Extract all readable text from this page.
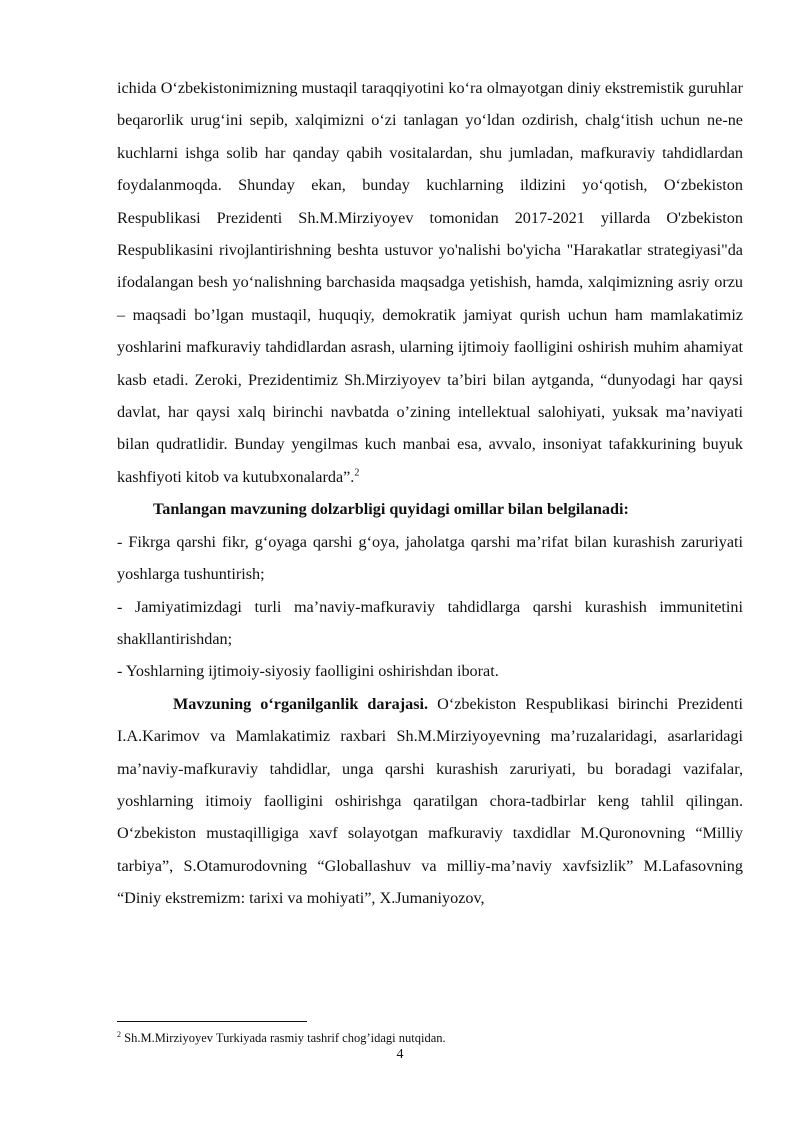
ichida O‘zbekistonimizning mustaqil taraqqiyotini ko‘ra olmayotgan diniy ekstremistik guruhlar beqarorlik urug‘ini sepib, xalqimizni o‘zi tanlagan yo‘ldan ozdirish, chalg‘itish uchun ne-ne kuchlarni ishga solib har qanday qabih vositalardan, shu jumladan, mafkuraviy tahdidlardan foydalanmoqda. Shunday ekan, bunday kuchlarning ildizini yo‘qotish, O‘zbekiston Respublikasi Prezidenti Sh.M.Mirziyoyev tomonidan 2017-2021 yillarda O'zbekiston Respublikasini rivojlantirishning beshta ustuvor yo'nalishi bo'yicha "Harakatlar strategiyasi"da ifodalangan besh yo‘nalishning barchasida maqsadga yetishish, hamda, xalqimizning asriy orzu – maqsadi bo’lgan mustaqil, huquqiy, demokratik jamiyat qurish uchun ham mamlakatimiz yoshlarini mafkuraviy tahdidlardan asrash, ularning ijtimoiy faolligini oshirish muhim ahamiyat kasb etadi. Zeroki, Prezidentimiz Sh.Mirziyoyev ta’biri bilan aytganda, “dunyodagi har qaysi davlat, har qaysi xalq birinchi navbatda o’zining intellektual salohiyati, yuksak ma’naviyati bilan qudratlidir. Bunday yengilmas kuch manbai esa, avvalo, insoniyat tafakkurining buyuk kashfiyoti kitob va kutubxonalarda”.$^2$

Tanlangan mavzuning dolzarbligi quyidagi omillar bilan belgilanadi:

- Fikrga qarshi fikr, g‘oyaga qarshi g‘oya, jaholatga qarshi ma’rifat bilan kurashish zaruriyati yoshlarga tushuntirish;

- Jamiyatimizdagi turli ma’naviy-mafkuraviy tahdidlarga qarshi kurashish immunitetini shakllantirishdan;

- Yoshlarning ijtimoiy-siyosiy faolligini oshirishdan iborat.

Mavzuning o‘rganilganlik darajasi. O‘zbekiston Respublikasi birinchi Prezidenti I.A.Karimov va Mamlakatimiz raxbari Sh.M.Mirziyoyevning ma’ruzalaridagi, asarlaridagi ma’naviy-mafkuraviy tahdidlar, unga qarshi kurashish zaruriyati, bu boradagi vazifalar, yoshlarning itimoiy faolligini oshirishga qaratilgan chora-tadbirlar keng tahlil qilingan. O‘zbekiston mustaqilligiga xavf solayotgan mafkuraviy taxdidlar M.Quronovning “Milliy tarbiya”, S.Otamurodovning “Globallashuv va milliy-ma’naviy xavfsizlik” M.Lafasovning “Diniy ekstremizm: tarixi va mohiyati”, X.Jumaniyozov,

$^2$ Sh.M.Mirziyoyev Turkiyada rasmiy tashrif chog’idagi nutqidan.
4
